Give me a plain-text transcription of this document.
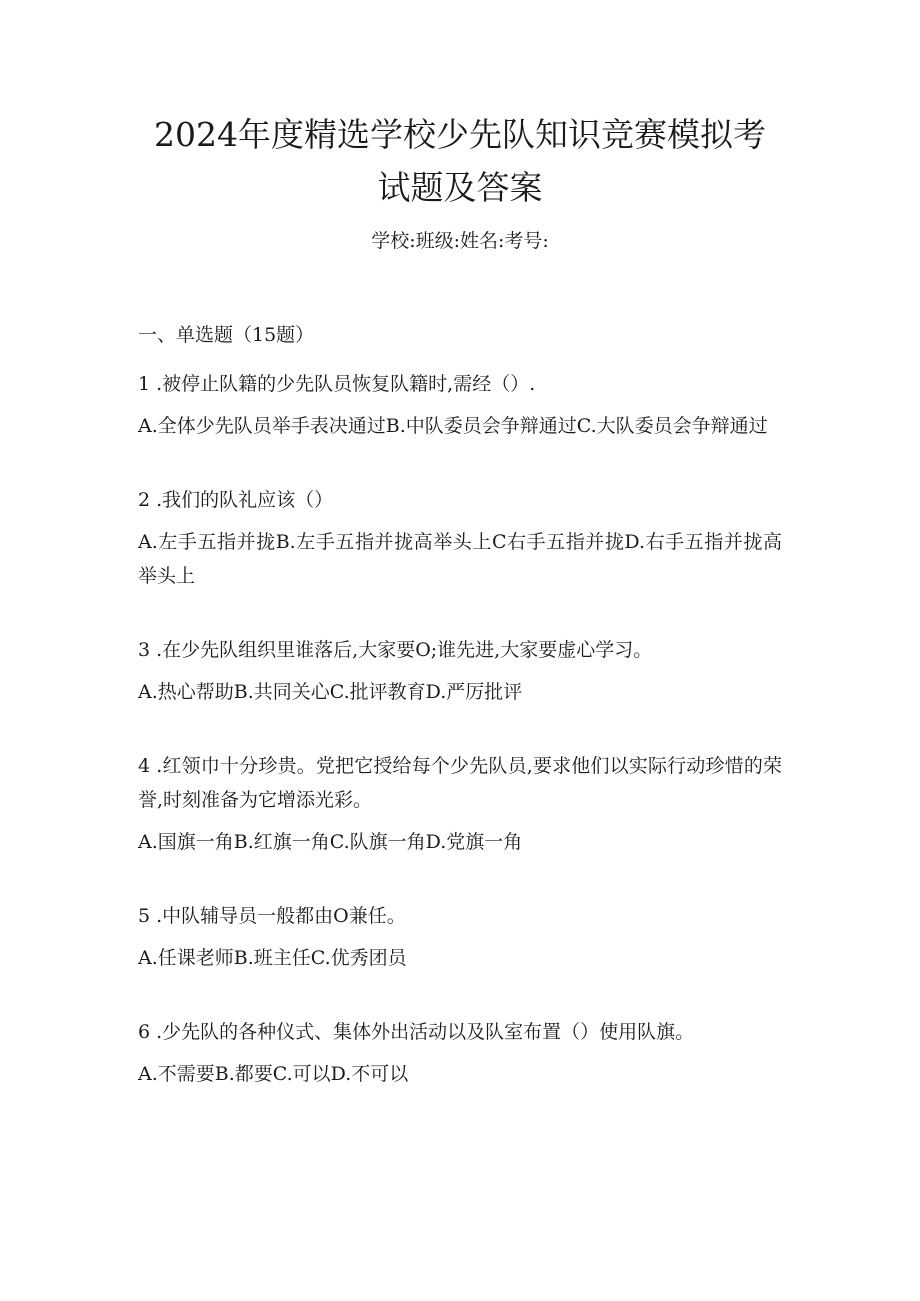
2024年度精选学校少先队知识竞赛模拟考
试题及答案
学校:班级:姓名:考号:
一、单选题（15题）

1 .被停止队籍的少先队员恢复队籍时,需经（）.

A.全体少先队员举手表决通过B.中队委员会争辩通过C.大队委员会争辩通过

2 .我们的队礼应该（）

A.左手五指并拢B.左手五指并拢高举头上C右手五指并拢D.右手五指并拢高举头上

3 .在少先队组织里谁落后,大家要O;谁先进,大家要虚心学习。

A.热心帮助B.共同关心C.批评教育D.严厉批评

4 .红领巾十分珍贵。党把它授给每个少先队员,要求他们以实际行动珍惜的荣誉,时刻准备为它增添光彩。

A.国旗一角B.红旗一角C.队旗一角D.党旗一角

5 .中队辅导员一般都由O兼任。

A.任课老师B.班主任C.优秀团员

6 .少先队的各种仪式、集体外出活动以及队室布置（）使用队旗。

A.不需要B.都要C.可以D.不可以
